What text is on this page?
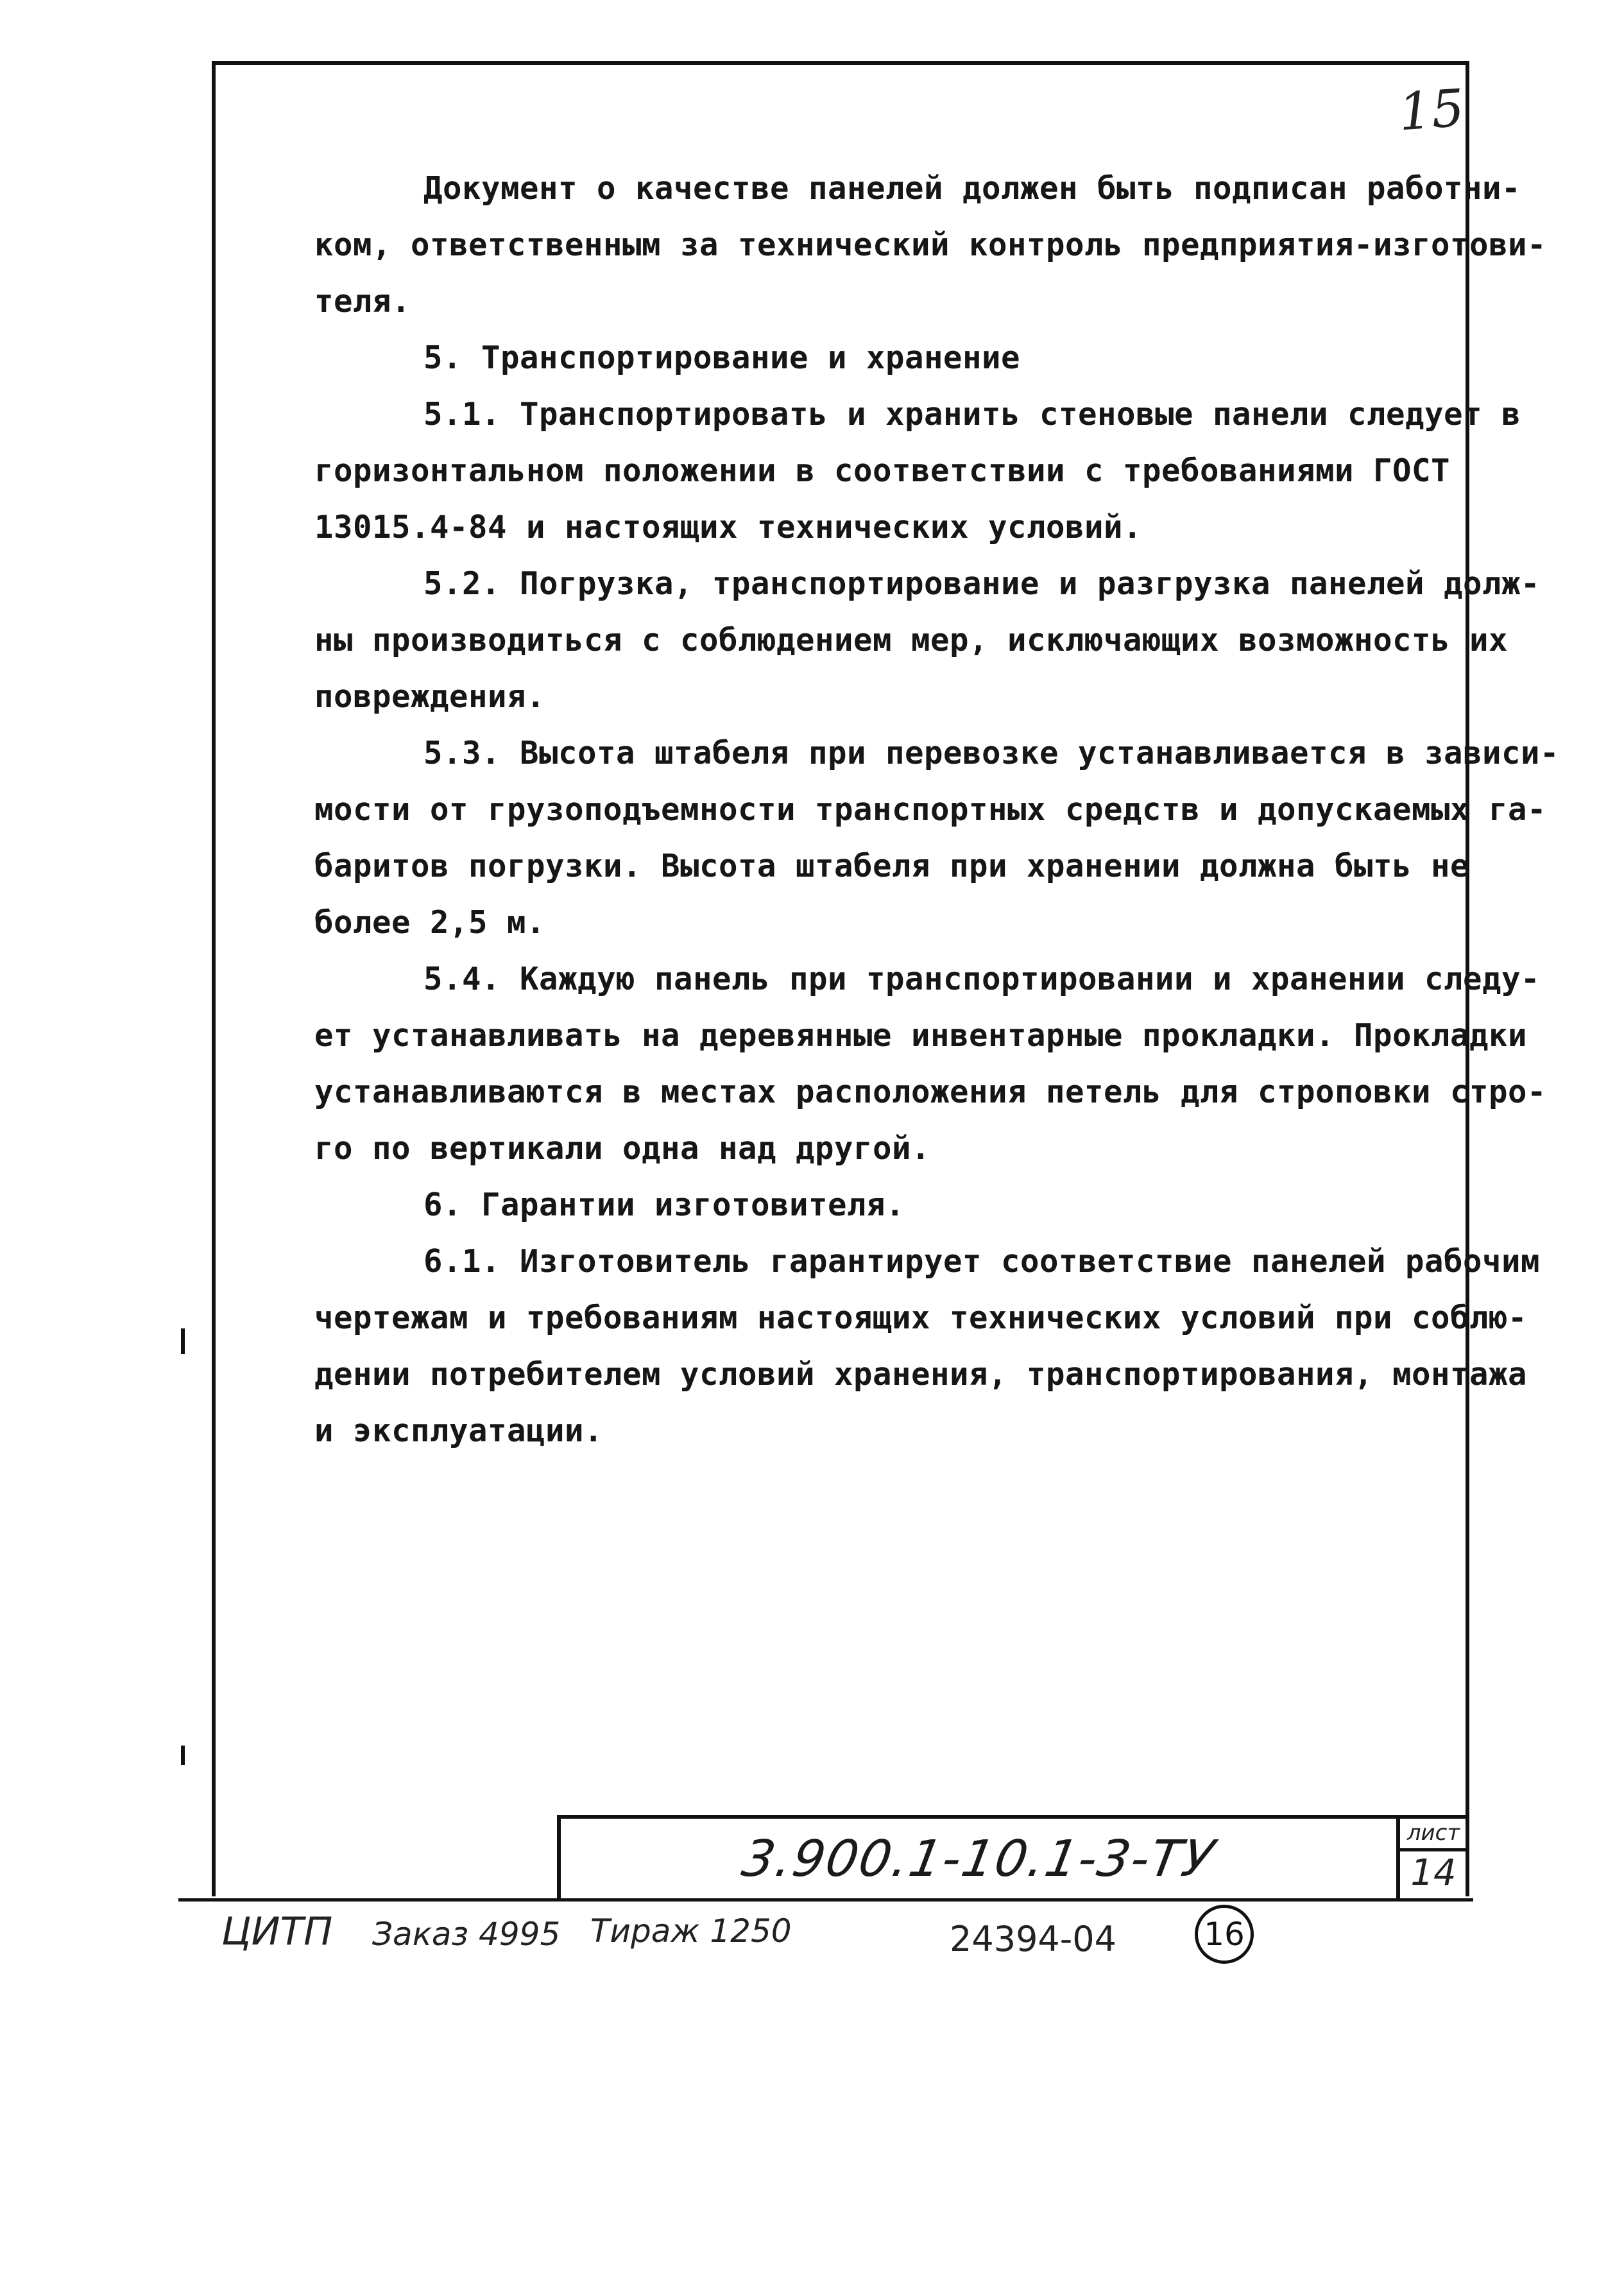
15
Документ о качестве панелей должен быть подписан работни-
ком, ответственным за технический контроль предприятия-изготови-
теля.
5. Транспортирование и хранение
5.1. Транспортировать и хранить стеновые панели следует в
горизонтальном положении в соответствии с требованиями ГОСТ
13015.4-84 и настоящих технических условий.
5.2. Погрузка, транспортирование и разгрузка панелей долж-
ны производиться с соблюдением мер, исключающих возможность их
повреждения.
5.3. Высота штабеля при перевозке устанавливается в зависи-
мости от грузоподъемности транспортных средств и допускаемых га-
баритов погрузки. Высота штабеля при хранении должна быть не
более 2,5 м.
5.4. Каждую панель при транспортировании и хранении следу-
ет устанавливать на деревянные инвентарные прокладки. Прокладки
устанавливаются в местах расположения петель для строповки стро-
го по вертикали одна над другой.
6. Гарантии изготовителя.
6.1. Изготовитель гарантирует соответствие панелей рабочим
чертежам и требованиям настоящих технических условий при соблю-
дении потребителем условий хранения, транспортирования, монтажа
и эксплуатации.
3.900.1-10.1-3-ТУ	лист
14
ЦИТП Заказ 4995 Тираж 1250	24394-04	16
